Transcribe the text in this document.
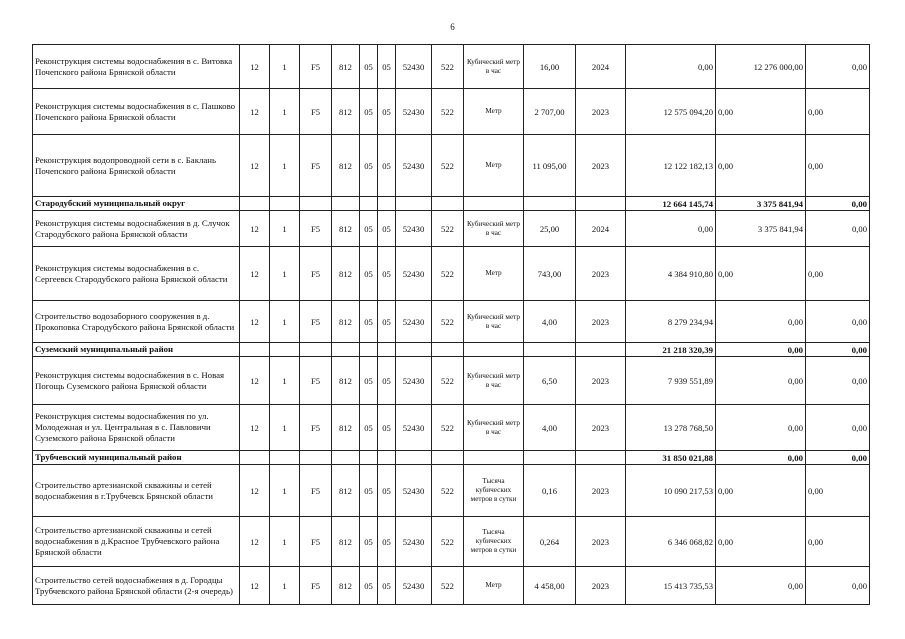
6
Реконструкция системы водоснабжения в с. Витовка Почепского района Брянской области	12	1	F5	812	05	05	52430	522	Кубический метр в час	16,00	2024	0,00	12 276 000,00	0,00
Реконструкция системы водоснабжения в с. Пашково Почепского района Брянской области	12	1	F5	812	05	05	52430	522	Метр	2 707,00	2023	12 575 094,20	0,00	0,00
Реконструкция водопроводной сети в с. Баклань Почепского района Брянской области	12	1	F5	812	05	05	52430	522	Метр	11 095,00	2023	12 122 182,13	0,00	0,00
Стародубский муниципальный округ												12 664 145,74	3 375 841,94	0,00
Реконструкция системы водоснабжения в д. Случок Стародубского района Брянской области	12	1	F5	812	05	05	52430	522	Кубический метр в час	25,00	2024	0,00	3 375 841,94	0,00
Реконструкция системы водоснабжения в с. Сергеевск Стародубского района Брянской области	12	1	F5	812	05	05	52430	522	Метр	743,00	2023	4 384 910,80	0,00	0,00
Строительство водозаборного сооружения в д. Прокоповка Стародубского района Брянской области	12	1	F5	812	05	05	52430	522	Кубический метр в час	4,00	2023	8 279 234,94	0,00	0,00
Суземский муниципальный район												21 218 320,39	0,00	0,00
Реконструкция системы водоснабжения в с. Новая Погощь Суземского района Брянской области	12	1	F5	812	05	05	52430	522	Кубический метр в час	6,50	2023	7 939 551,89	0,00	0,00
Реконструкция системы водоснабжения по ул. Молодежная и ул. Центральная в с. Павловичи Суземского района Брянской области	12	1	F5	812	05	05	52430	522	Кубический метр в час	4,00	2023	13 278 768,50	0,00	0,00
Трубчевский муниципальный район												31 850 021,88	0,00	0,00
Строительство артезианской скважины и сетей водоснабжения в г.Трубчевск Брянской области	12	1	F5	812	05	05	52430	522	Тысяча кубических метров в сутки	0,16	2023	10 090 217,53	0,00	0,00
Строительство артезианской скважины и сетей водоснабжения в д.Красное Трубчевского района Брянской области	12	1	F5	812	05	05	52430	522	Тысяча кубических метров в сутки	0,264	2023	6 346 068,82	0,00	0,00
Строительство сетей водоснабжения в д. Городцы Трубчевского района Брянской области (2-я очередь)	12	1	F5	812	05	05	52430	522	Метр	4 458,00	2023	15 413 735,53	0,00	0,00
